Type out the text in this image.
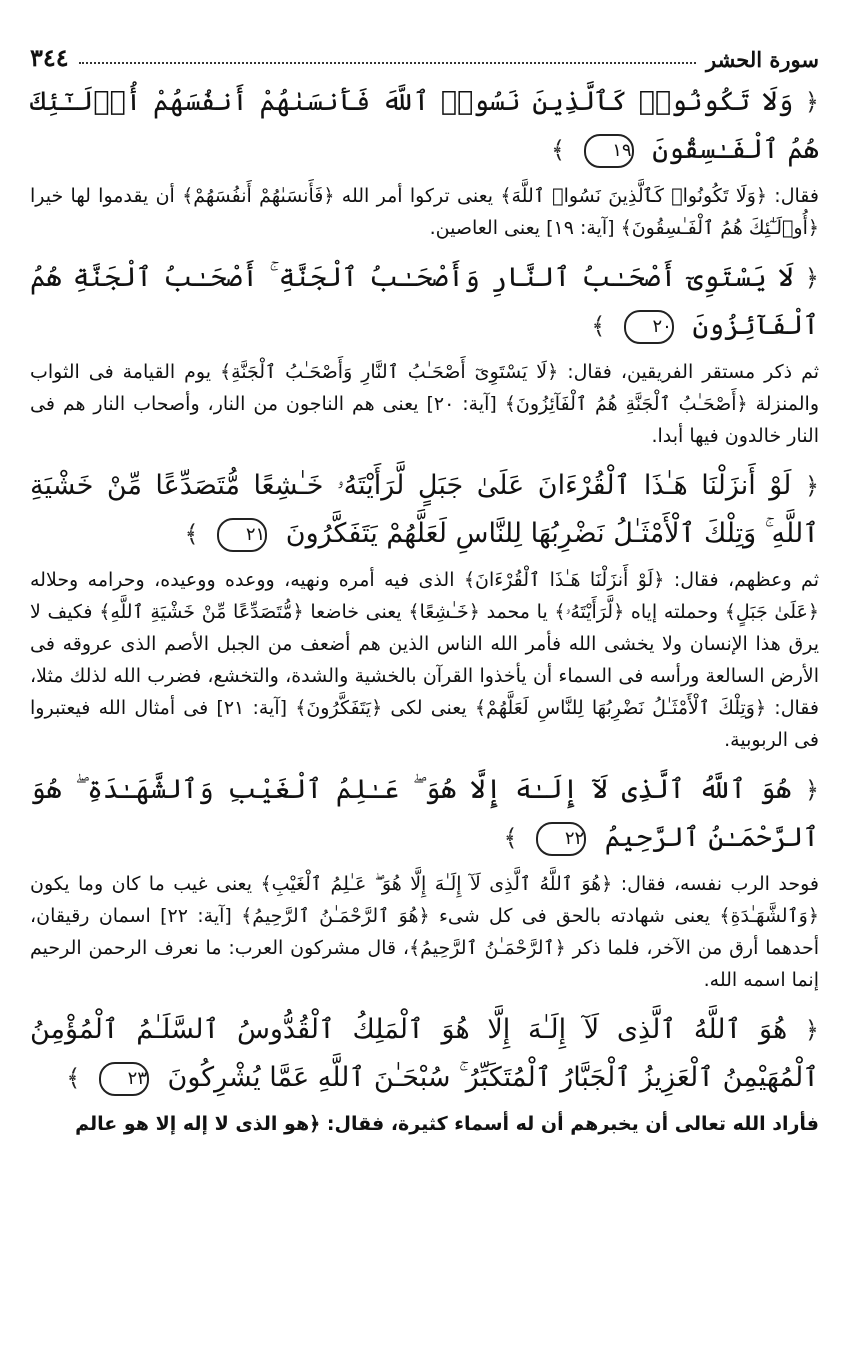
سورة الحشر
٣٤٤
﴿ وَلَا تَكُونُوا۟ كَٱلَّذِينَ نَسُوا۟ ٱللَّهَ فَأَنسَىٰهُمْ أَنفُسَهُمْ أُو۟لَـٰٓئِكَ هُمُ ٱلْفَـٰسِقُونَ ١٩ ﴾
فقال: ﴿وَلَا تَكُونُوا۟ كَٱلَّذِينَ نَسُوا۟ ٱللَّهَ﴾ يعنى تركوا أمر الله ﴿فَأَنسَىٰهُمْ أَنفُسَهُمْ﴾ أن يقدموا لها خيرا ﴿أُو۟لَـٰٓئِكَ هُمُ ٱلْفَـٰسِقُونَ﴾ [آية: ١٩] يعنى العاصين.
﴿ لَا يَسْتَوِىٓ أَصْحَـٰبُ ٱلنَّارِ وَأَصْحَـٰبُ ٱلْجَنَّةِ ۚ أَصْحَـٰبُ ٱلْجَنَّةِ هُمُ ٱلْفَآئِزُونَ ٢٠ ﴾
ثم ذكر مستقر الفريقين، فقال: ﴿لَا يَسْتَوِىٓ أَصْحَـٰبُ ٱلنَّارِ وَأَصْحَـٰبُ ٱلْجَنَّةِ﴾ يوم القيامة فى الثواب والمنزلة ﴿أَصْحَـٰبُ ٱلْجَنَّةِ هُمُ ٱلْفَآئِزُونَ﴾ [آية: ٢٠] يعنى هم الناجون من النار، وأصحاب النار هم فى النار خالدون فيها أبدا.
﴿ لَوْ أَنزَلْنَا هَـٰذَا ٱلْقُرْءَانَ عَلَىٰ جَبَلٍ لَّرَأَيْتَهُۥ خَـٰشِعًا مُّتَصَدِّعًا مِّنْ خَشْيَةِ ٱللَّهِ ۚ وَتِلْكَ ٱلْأَمْثَـٰلُ نَضْرِبُهَا لِلنَّاسِ لَعَلَّهُمْ يَتَفَكَّرُونَ ٢١ ﴾
ثم وعظهم، فقال: ﴿لَوْ أَنزَلْنَا هَـٰذَا ٱلْقُرْءَانَ﴾ الذى فيه أمره ونهيه، ووعده ووعيده، وحرامه وحلاله ﴿عَلَىٰ جَبَلٍ﴾ وحملته إياه ﴿لَّرَأَيْتَهُۥ﴾ يا محمد ﴿خَـٰشِعًا﴾ يعنى خاضعا ﴿مُّتَصَدِّعًا مِّنْ خَشْيَةِ ٱللَّهِ﴾ فكيف لا يرق هذا الإنسان ولا يخشى الله فأمر الله الناس الذين هم أضعف من الجبل الأصم الذى عروقه فى الأرض السالعة ورأسه فى السماء أن يأخذوا القرآن بالخشية والشدة، والتخشع، فضرب الله لذلك مثلا، فقال: ﴿وَتِلْكَ ٱلْأَمْثَـٰلُ نَضْرِبُهَا لِلنَّاسِ لَعَلَّهُمْ﴾ يعنى لكى ﴿يَتَفَكَّرُونَ﴾ [آية: ٢١] فى أمثال الله فيعتبروا فى الربوبية.
﴿ هُوَ ٱللَّهُ ٱلَّذِى لَآ إِلَـٰهَ إِلَّا هُوَ ۖ عَـٰلِمُ ٱلْغَيْبِ وَٱلشَّهَـٰدَةِ ۖ هُوَ ٱلرَّحْمَـٰنُ ٱلرَّحِيمُ ٢٢ ﴾
فوحد الرب نفسه، فقال: ﴿هُوَ ٱللَّهُ ٱلَّذِى لَآ إِلَـٰهَ إِلَّا هُوَ ۖ عَـٰلِمُ ٱلْغَيْبِ﴾ يعنى غيب ما كان وما يكون ﴿وَٱلشَّهَـٰدَةِ﴾ يعنى شهادته بالحق فى كل شىء ﴿هُوَ ٱلرَّحْمَـٰنُ ٱلرَّحِيمُ﴾ [آية: ٢٢] اسمان رقيقان، أحدهما أرق من الآخر، فلما ذكر ﴿ٱلرَّحْمَـٰنُ ٱلرَّحِيمُ﴾، قال مشركون العرب: ما نعرف الرحمن الرحيم إنما اسمه الله.
﴿ هُوَ ٱللَّهُ ٱلَّذِى لَآ إِلَـٰهَ إِلَّا هُوَ ٱلْمَلِكُ ٱلْقُدُّوسُ ٱلسَّلَـٰمُ ٱلْمُؤْمِنُ ٱلْمُهَيْمِنُ ٱلْعَزِيزُ ٱلْجَبَّارُ ٱلْمُتَكَبِّرُ ۚ سُبْحَـٰنَ ٱللَّهِ عَمَّا يُشْرِكُونَ ٢٣ ﴾
فأراد الله تعالى أن يخبرهم أن له أسماء كثيرة، فقال: ﴿هو الذى لا إله إلا هو عالم
